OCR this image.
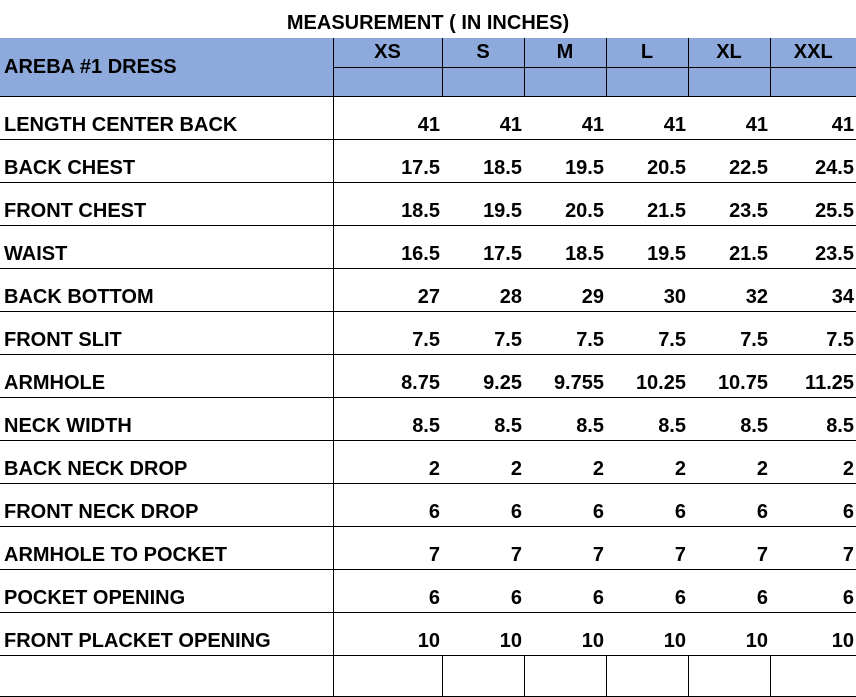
MEASUREMENT ( IN INCHES)
AREBA #1 DRESS	XS	S	M	L	XL	XXL

LENGTH CENTER BACK	41	41	41	41	41	41
BACK CHEST	17.5	18.5	19.5	20.5	22.5	24.5
FRONT CHEST	18.5	19.5	20.5	21.5	23.5	25.5
WAIST	16.5	17.5	18.5	19.5	21.5	23.5
BACK BOTTOM	27	28	29	30	32	34
FRONT SLIT	7.5	7.5	7.5	7.5	7.5	7.5
ARMHOLE	8.75	9.25	9.755	10.25	10.75	11.25
NECK WIDTH	8.5	8.5	8.5	8.5	8.5	8.5
BACK NECK DROP	2	2	2	2	2	2
FRONT NECK DROP	6	6	6	6	6	6
ARMHOLE TO POCKET	7	7	7	7	7	7
POCKET OPENING	6	6	6	6	6	6
FRONT PLACKET OPENING	10	10	10	10	10	10
